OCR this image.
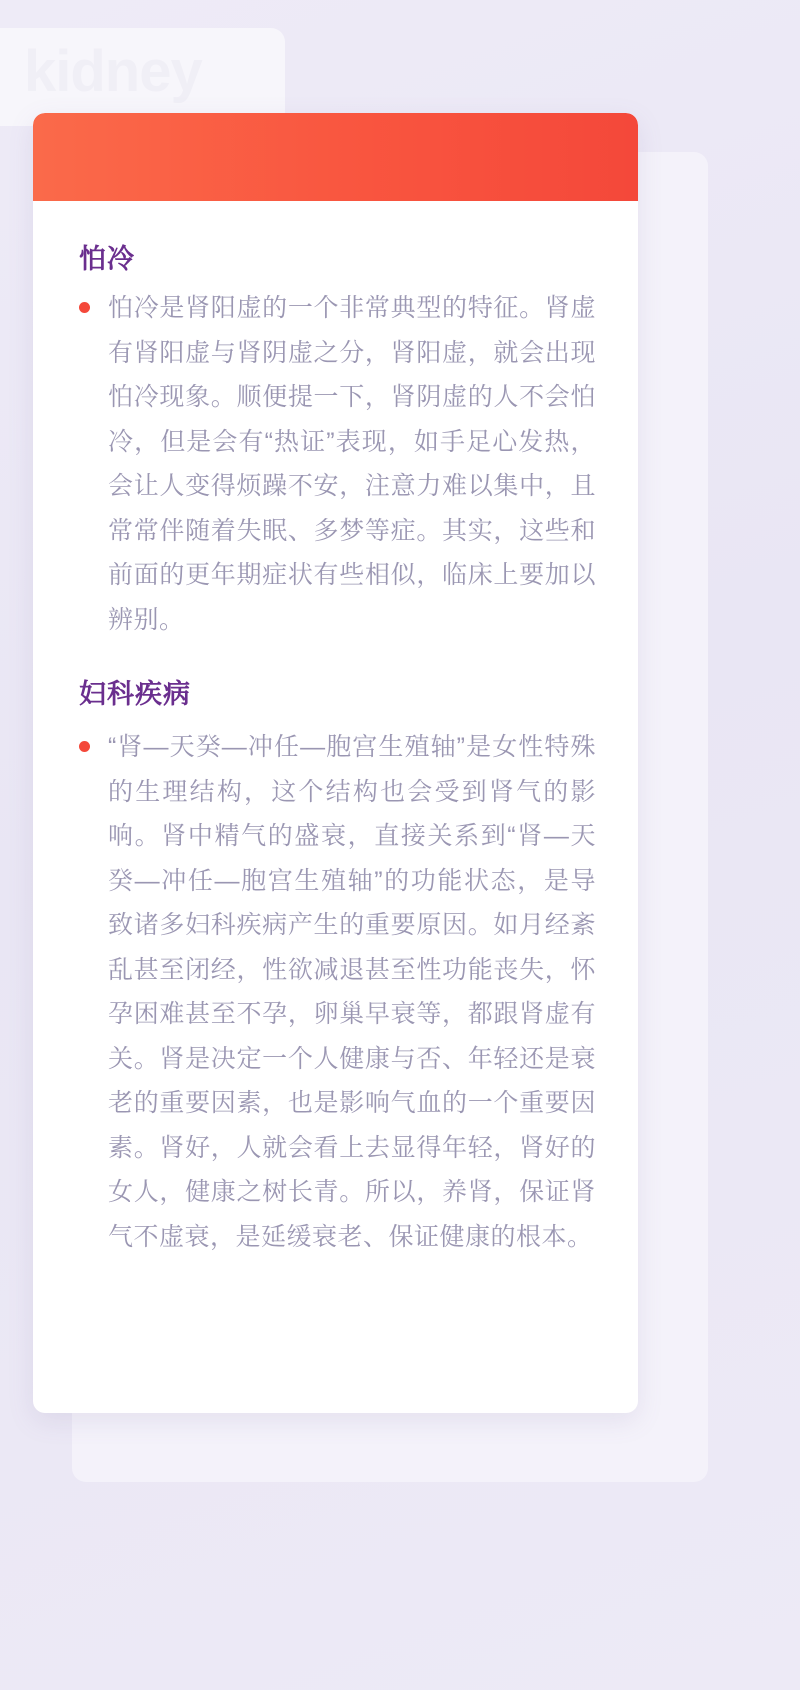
怕冷

怕冷是肾阳虚的一个非常典型的特征。肾虚有肾阳虚与肾阴虚之分，肾阳虚，就会出现怕冷现象。顺便提一下，肾阴虚的人不会怕冷，但是会有“热证”表现，如手足心发热，会让人变得烦躁不安，注意力难以集中，且常常伴随着失眠、多梦等症。其实，这些和前面的更年期症状有些相似，临床上要加以辨别。

妇科疾病

“肾—天癸—冲任—胞宫生殖轴”是女性特殊的生理结构，这个结构也会受到肾气的影响。肾中精气的盛衰，直接关系到“肾—天癸—冲任—胞宫生殖轴”的功能状态，是导致诸多妇科疾病产生的重要原因。如月经紊乱甚至闭经，性欲减退甚至性功能丧失，怀孕困难甚至不孕，卵巢早衰等，都跟肾虚有关。肾是决定一个人健康与否、年轻还是衰老的重要因素，也是影响气血的一个重要因素。肾好，人就会看上去显得年轻，肾好的女人，健康之树长青。所以，养肾，保证肾气不虚衰，是延缓衰老、保证健康的根本。
